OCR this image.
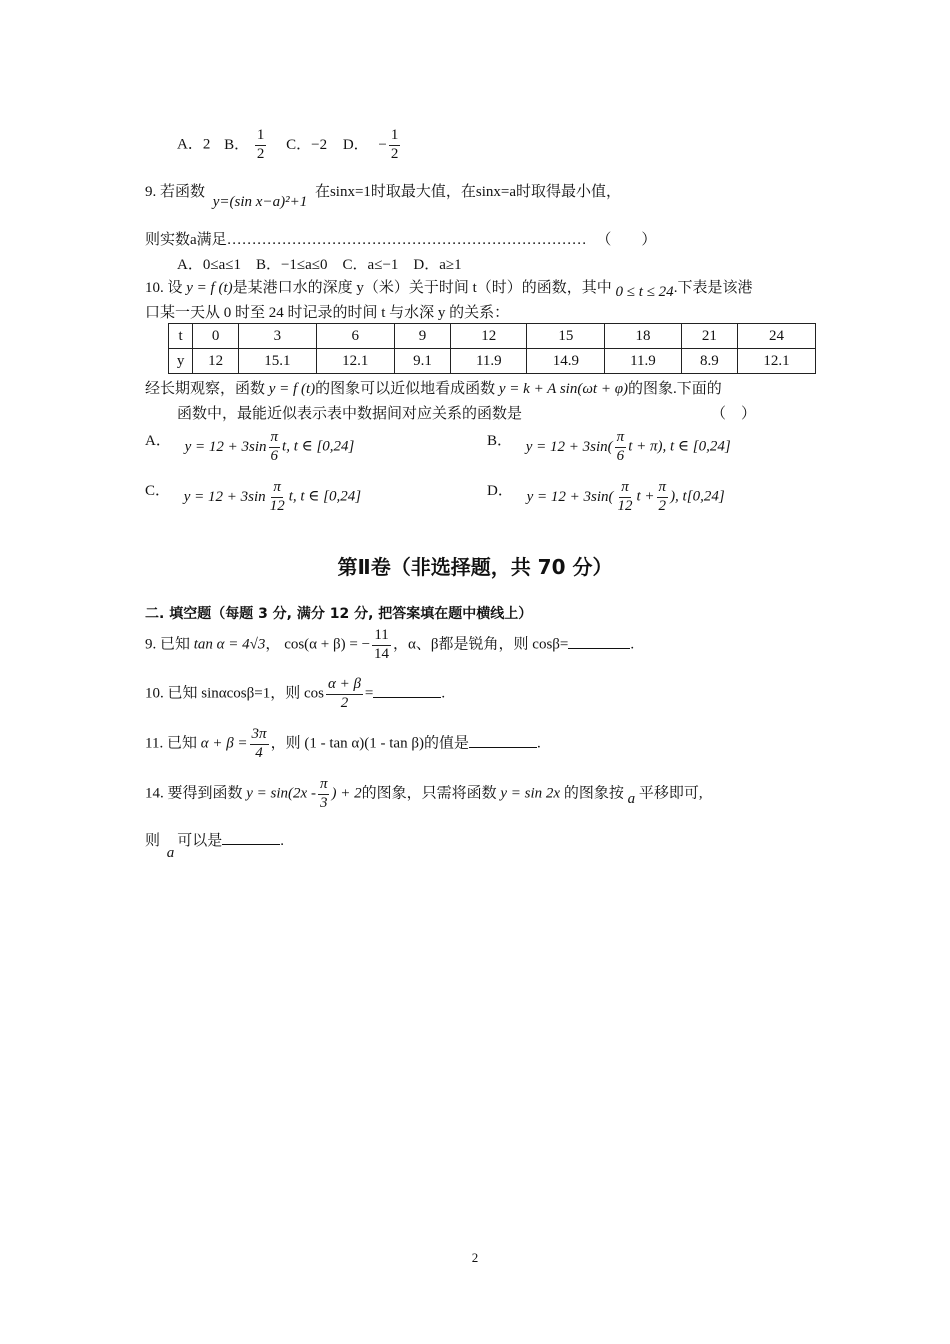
A．2 B． $\frac{1}{2}$ C．−2 D． − $\frac{1}{2}$
9. 若函数 y=(sin x−a)²+1 在sinx=1时取最大值，在sinx=a时取得最小值，
则实数a满足……………………………………………………………… （　　）
A．0≤a≤1　B．−1≤a≤0　C．a≤−1　D．a≥1
10. 设 y = f (t)是某港口水的深度 y（米）关于时间 t（时）的函数，其中 0 ≤ t ≤ 24.下表是该港
口某一天从 0 时至 24 时记录的时间 t 与水深 y 的关系：
t	0	3	6	9	12	15	18	21	24
y	12	15.1	12.1	9.1	11.9	14.9	11.9	8.9	12.1
经长期观察，函数 y = f (t)的图象可以近似地看成函数 y = k + A sin(ωt + φ)的图象.下面的
函数中，最能近似表示表中数据间对应关系的函数是	（　）
A． $y = 12 + 3\sin \frac{\pi}{6} t$, t ∈ [0,24]	B． $y = 12 + 3\sin( \frac{\pi}{6}$ t + π), t ∈ [0,24]
C． $y = 12 + 3\sin \frac{\pi}{12} t$, t ∈ [0,24]	D． $y = 12 + 3\sin( \frac{\pi}{12}$ $t + \frac{\pi}{2}$ ), t[0,24]
第Ⅱ卷（非选择题，共 70 分）
二. 填空题（每题 3 分, 满分 12 分, 把答案填在题中横线上）
9. 已知 tan α = 4√3， cos(α + β) = − $\frac{11}{14}$ ，α、β都是锐角，则 cosβ=	.
10. 已知 sinαcosβ=1，则 $\cos \frac{\alpha + \beta}{2}$ =	.
11. 已知 $\alpha + \beta = \frac{3\pi}{4}$ ，则 (1 - tan α)(1 - tan β)的值是	.
14. 要得到函数 $y = \sin(2x - \frac{\pi}{3}$ ) + 2的图象，只需将函数 y = sin 2x 的图象按 a 平移即可,
则 a可以是	.
2
